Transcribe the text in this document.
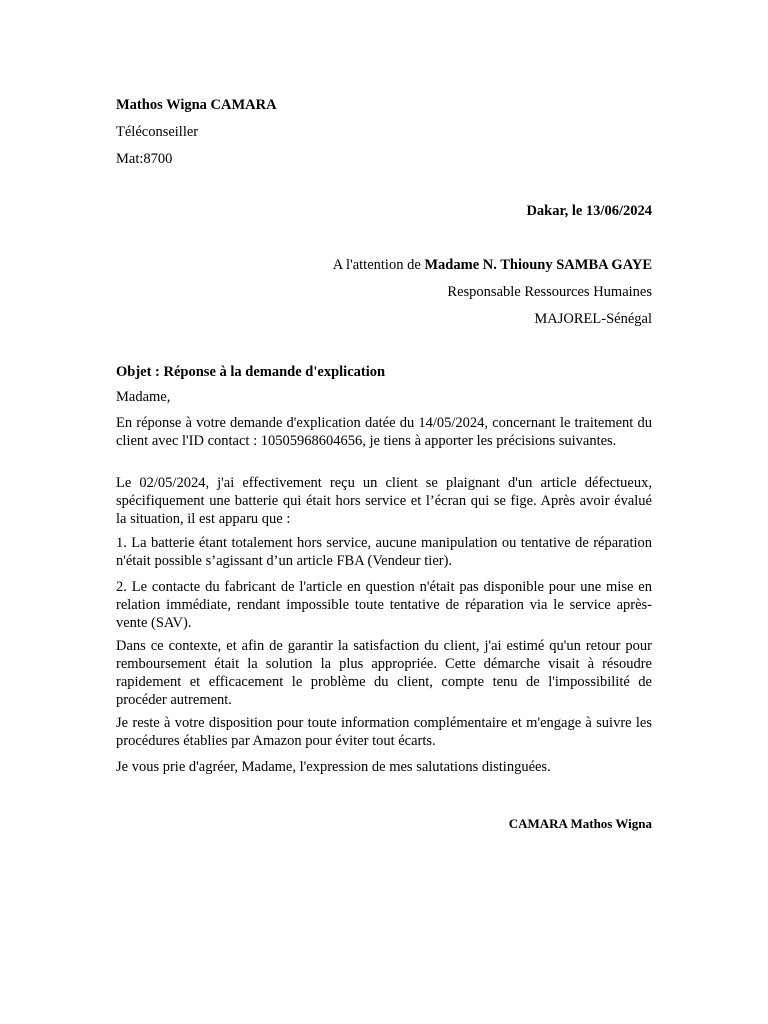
Mathos Wigna CAMARA
Téléconseiller
Mat:8700
Dakar, le 13/06/2024
A l'attention de Madame N. Thiouny SAMBA GAYE
Responsable Ressources Humaines
MAJOREL-Sénégal
Objet : Réponse à la demande d'explication
Madame,
En réponse à votre demande d'explication datée du 14/05/2024, concernant le traitement du client avec l'ID contact : 10505968604656, je tiens à apporter les précisions suivantes.
Le 02/05/2024, j'ai effectivement reçu un client se plaignant d'un article défectueux, spécifiquement une batterie qui était hors service et l’écran qui se fige. Après avoir évalué la situation, il est apparu que :
1. La batterie étant totalement hors service, aucune manipulation ou tentative de réparation n'était possible s’agissant d’un article FBA (Vendeur tier).
2. Le contacte du fabricant de l'article en question n'était pas disponible pour une mise en relation immédiate, rendant impossible toute tentative de réparation via le service après-vente (SAV).
Dans ce contexte, et afin de garantir la satisfaction du client, j'ai estimé qu'un retour pour remboursement était la solution la plus appropriée. Cette démarche visait à résoudre rapidement et efficacement le problème du client, compte tenu de l'impossibilité de procéder autrement.
Je reste à votre disposition pour toute information complémentaire et m'engage à suivre les procédures établies par Amazon pour éviter tout écarts.
Je vous prie d'agréer, Madame, l'expression de mes salutations distinguées.
CAMARA Mathos Wigna
